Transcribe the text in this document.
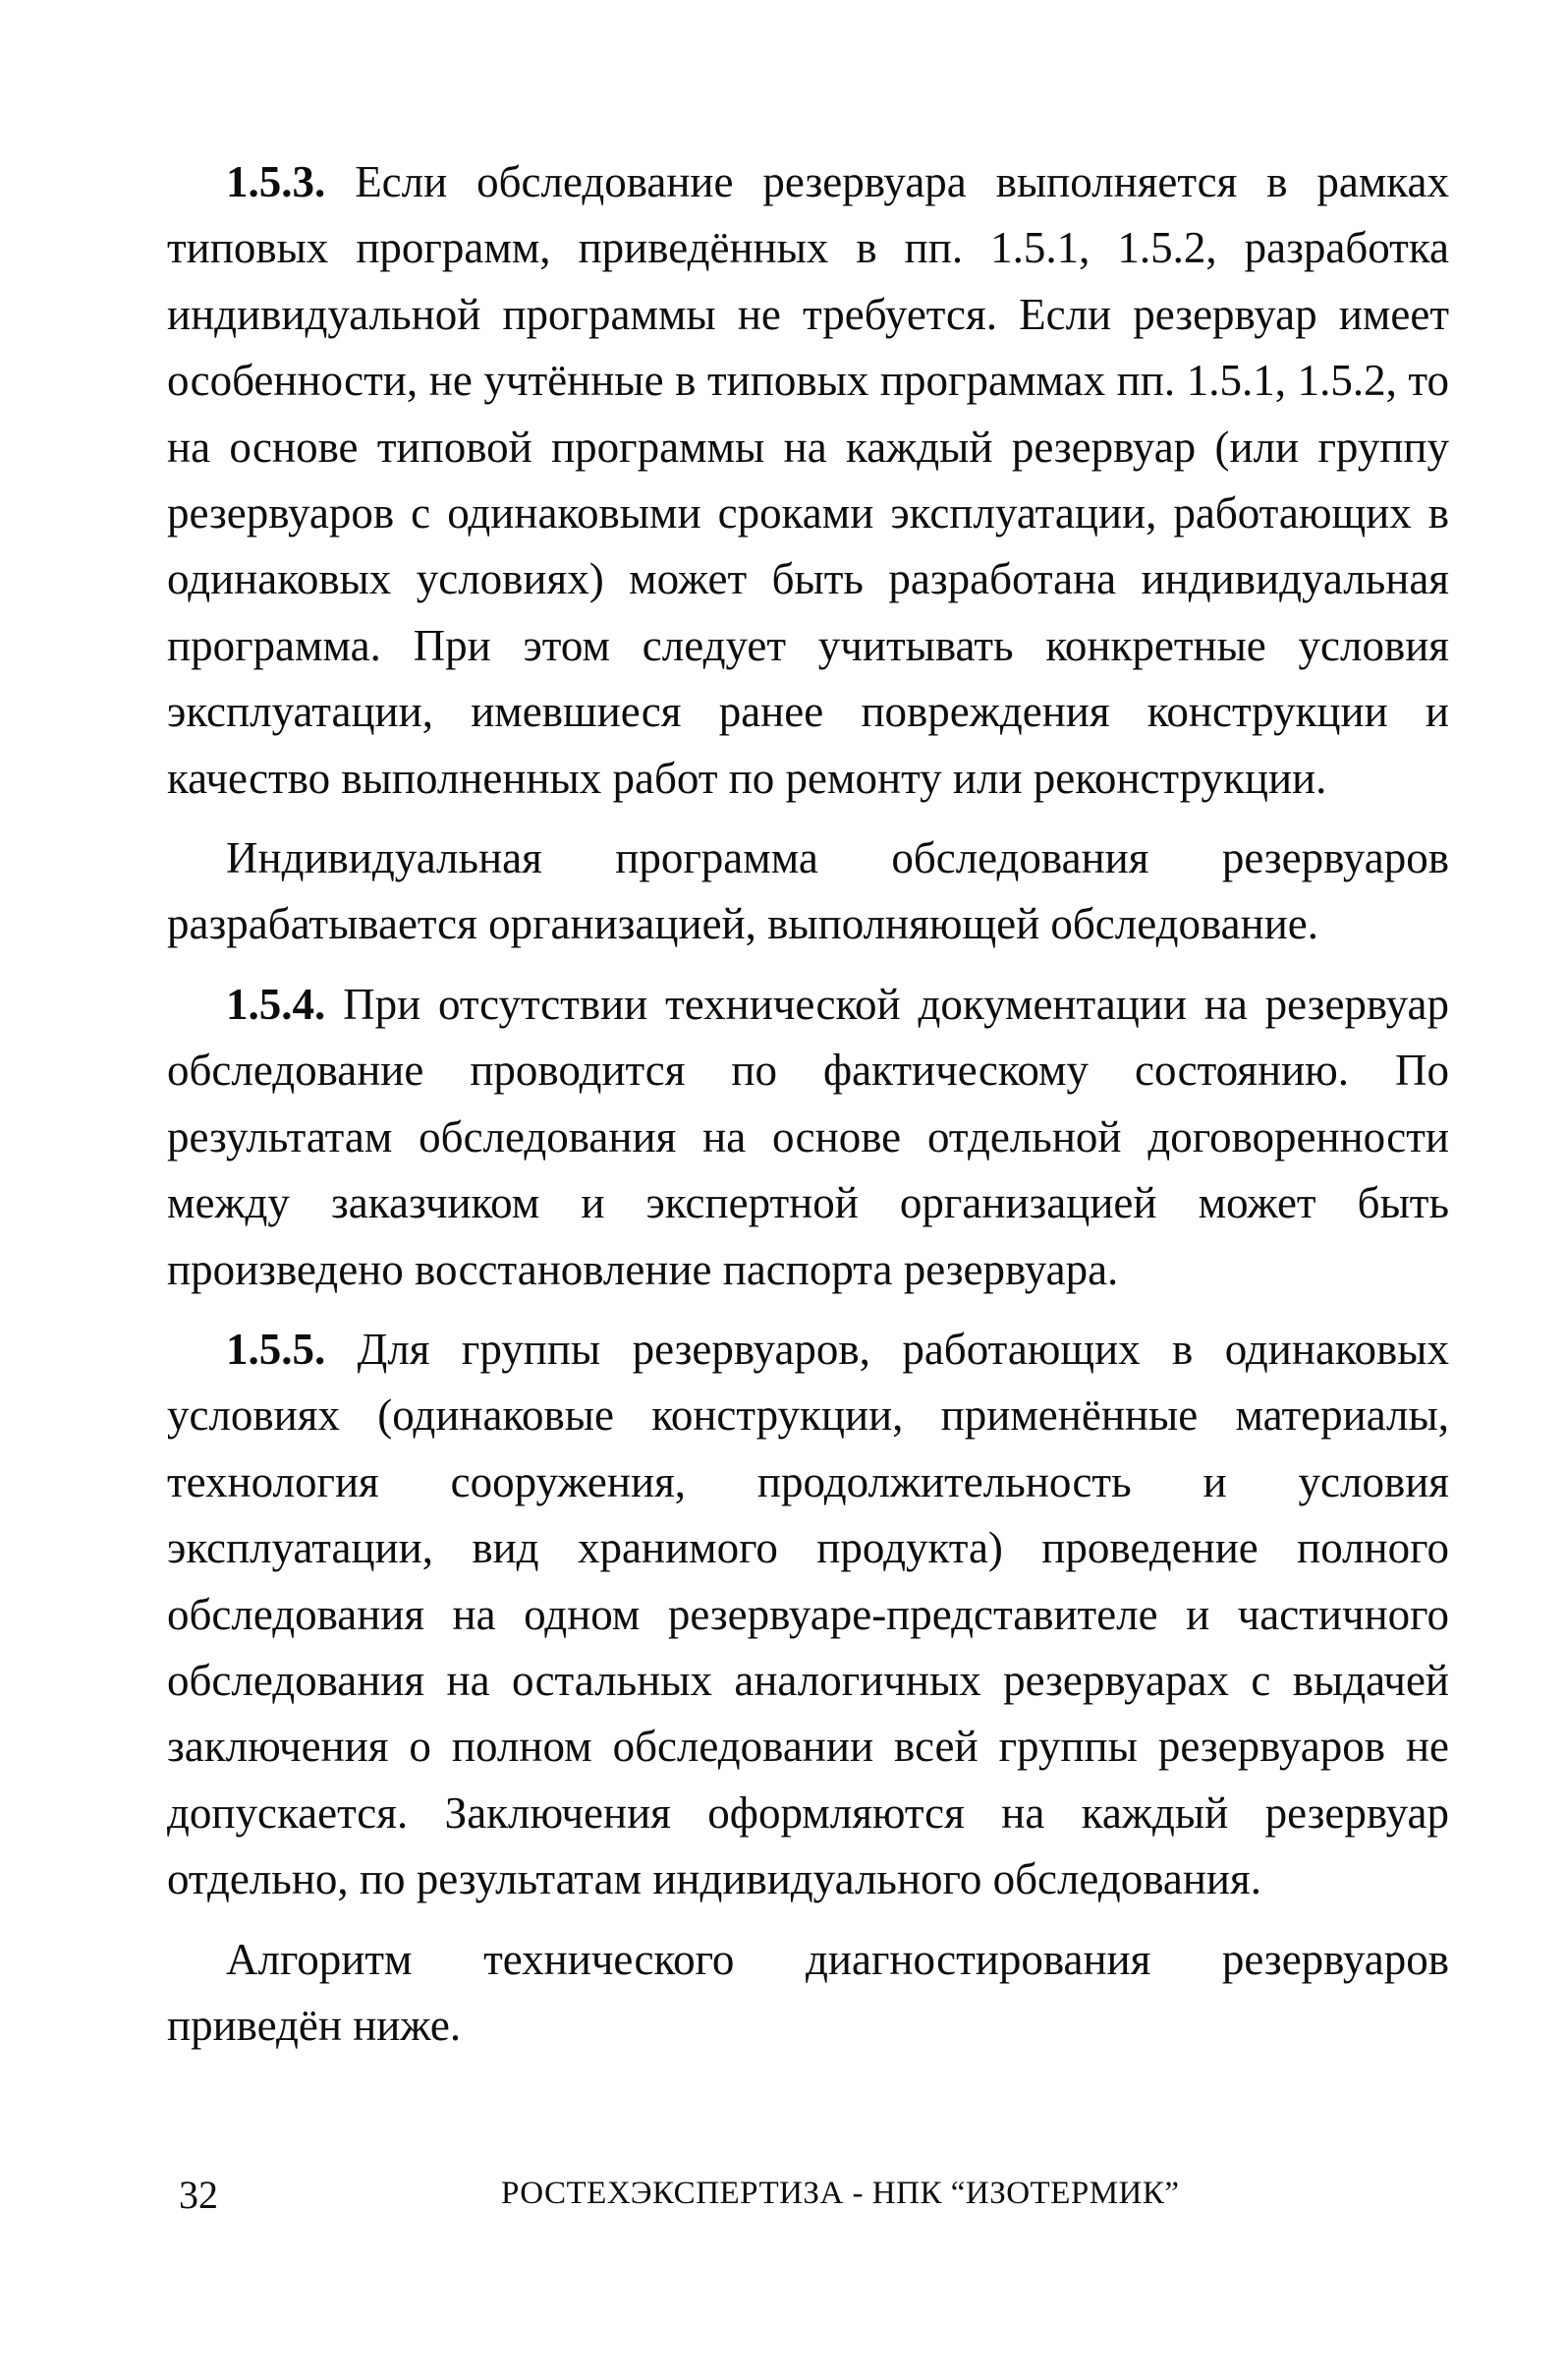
1.5.3. Если обследование резервуара выполняется в рамках типовых программ, приведённых в пп. 1.5.1, 1.5.2, разработка индивидуальной программы не требуется. Если резервуар имеет особенности, не учтённые в типовых программах пп. 1.5.1, 1.5.2, то на основе типовой программы на каждый резервуар (или группу резервуаров с одинаковыми сроками эксплуатации, работающих в одинаковых условиях) может быть разработана индивидуальная программа. При этом следует учитывать конкретные условия эксплуатации, имевшиеся ранее повреждения конструкции и качество выполненных работ по ремонту или реконструкции.

Индивидуальная программа обследования резервуаров разрабатывается организацией, выполняющей обследование.

1.5.4. При отсутствии технической документации на резервуар обследование проводится по фактическому состоянию. По результатам обследования на основе отдельной договоренности между заказчиком и экспертной организацией может быть произведено восстановление паспорта резервуара.

1.5.5. Для группы резервуаров, работающих в одинаковых условиях (одинаковые конструкции, применённые материалы, технология сооружения, продолжительность и условия эксплуатации, вид хранимого продукта) проведение полного обследования на одном резервуаре-представителе и частичного обследования на остальных аналогичных резервуарах с выдачей заключения о полном обследовании всей группы резервуаров не допускается. Заключения оформляются на каждый резервуар отдельно, по результатам индивидуального обследования.

Алгоритм технического диагностирования резервуаров приведён ниже.

32	РОСТЕХЭКСПЕРТИЗА - НПК “ИЗОТЕРМИК”
